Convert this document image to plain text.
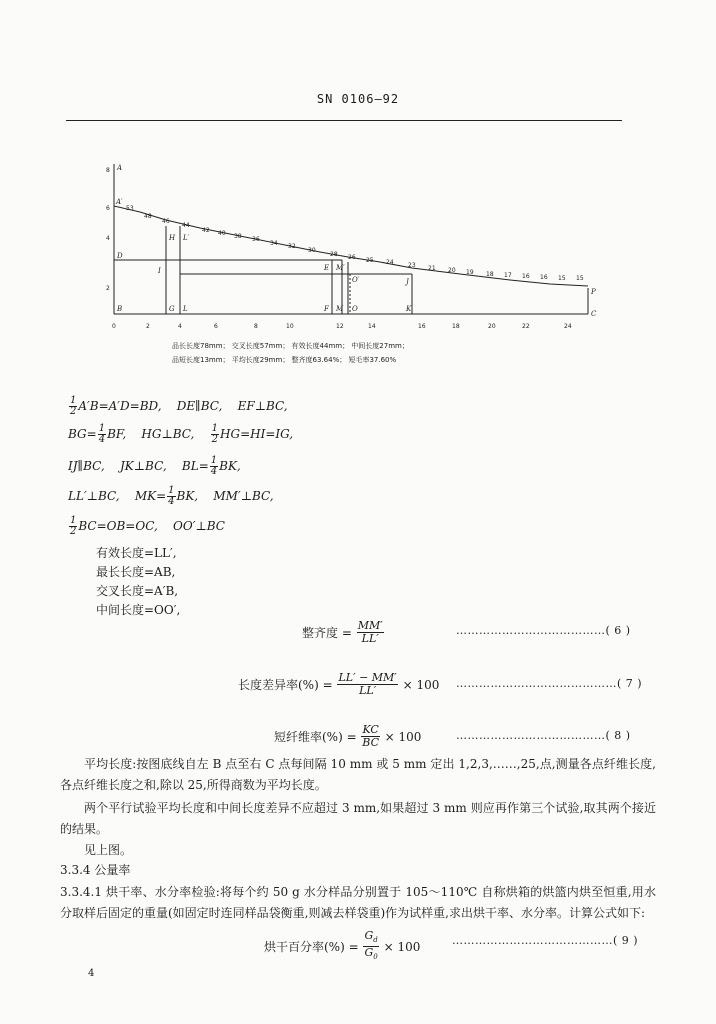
SN 0106—92
8
6
4
2
0	2	4	6	8	10	12	14	16	18	20	22	24
53
48
46
44
42 40 38 36
34 32
30
28 26 25 24 23 21 20 19 18 17 16 16 15 15
A
A′
B
C
D
E
F
G
H
I
J
K
L
L′
M
M′
O
O′
P
品长长度78mm； 交叉长度57mm； 有效长度44mm； 中间长度27mm；
品短长度13mm； 平均长度29mm； 整齐度63.64%； 短毛率37.60%
$\frac{1}{2} A'B=A'D=BD$, DE∥BC, EF⊥BC,
$BG= \frac{1}{4}$ BF, HG⊥BC, $\frac{1}{2} HG=HI=IG$,
IJ∥BC, JK⊥BC, $BL= \frac{1}{4}$ BK,
LL′⊥BC, $MK= \frac{1}{4}$ BK, MM′⊥BC,
$\frac{1}{2} BC=OB=OC$, OO′⊥BC
有效长度=LL′,
最长长度=AB,
交叉长度=A′B,
中间长度=OO′,
整齐度 =
$\frac{MM'}{LL'}$	…………………………………( 6 )
长度差异率(%) =
$\frac{LL' - MM'}{LL'}$
× 100 ……………………………………( 7 )
短纤维率(%) =
$\frac{KC}{BC}$
× 100	…………………………………( 8 )
平均长度:按图底线自左 B 点至右 C 点每间隔 10 mm 或 5 mm 定出 1,2,3,……,25,点,测量各点纤维长度,各点纤维长度之和,除以 25,所得商数为平均长度。
两个平行试验平均长度和中间长度差异不应超过 3 mm,如果超过 3 mm 则应再作第三个试验,取其两个接近的结果。
见上图。
3.3.4 公量率
3.3.4.1 烘干率、水分率检验:将每个约 50 g 水分样品分别置于 105～110℃ 自称烘箱的烘篮内烘至恒重,用水分取样后固定的重量(如固定时连同样品袋衡重,则减去样袋重)作为试样重,求出烘干率、水分率。计算公式如下:
烘干百分率(%) =
$\frac{G_d}{G_0}$
× 100	……………………………………( 9 )
4
